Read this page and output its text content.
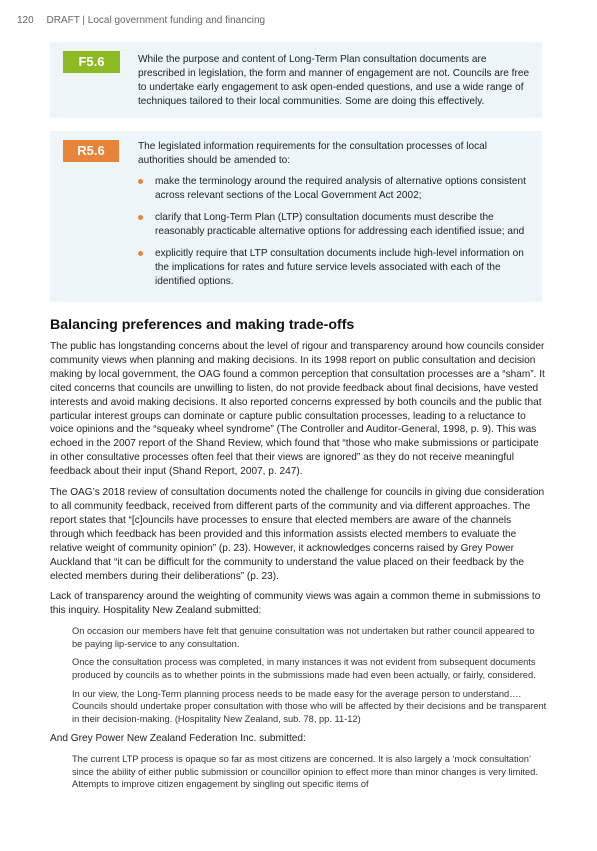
120 DRAFT | Local government funding and financing
F5.6	While the purpose and content of Long-Term Plan consultation documents are prescribed in legislation, the form and manner of engagement are not. Councils are free to undertake early engagement to ask open-ended questions, and use a wide range of techniques tailored to their local communities. Some are doing this effectively.
R5.6	The legislated information requirements for the consultation processes of local authorities should be amended to:
make the terminology around the required analysis of alternative options consistent across relevant sections of the Local Government Act 2002;
clarify that Long-Term Plan (LTP) consultation documents must describe the reasonably practicable alternative options for addressing each identified issue; and
explicitly require that LTP consultation documents include high-level information on the implications for rates and future service levels associated with each of the identified options.
Balancing preferences and making trade-offs

The public has longstanding concerns about the level of rigour and transparency around how councils consider community views when planning and making decisions. In its 1998 report on public consultation and decision making by local government, the OAG found a common perception that consultation processes are a “sham”. It cited concerns that councils are unwilling to listen, do not provide feedback about final decisions, have vested interests and avoid making decisions. It also reported concerns expressed by both councils and the public that particular interest groups can dominate or capture public consultation processes, leading to a reluctance to voice opinions and the “squeaky wheel syndrome” (The Controller and Auditor-General, 1998, p. 9). This was echoed in the 2007 report of the Shand Review, which found that “those who make submissions or participate in other consultative processes often feel that their views are ignored” as they do not receive meaningful feedback about their input (Shand Report, 2007, p. 247).

The OAG’s 2018 review of consultation documents noted the challenge for councils in giving due consideration to all community feedback, received from different parts of the community and via different approaches. The report states that “[c]ouncils have processes to ensure that elected members are aware of the channels through which feedback has been provided and this information assists elected members to evaluate the relative weight of community opinion” (p. 23). However, it acknowledges concerns raised by Grey Power Auckland that “it can be difficult for the community to understand the value placed on their feedback by the elected members during their deliberations” (p. 23).

Lack of transparency around the weighting of community views was again a common theme in submissions to this inquiry. Hospitality New Zealand submitted:

On occasion our members have felt that genuine consultation was not undertaken but rather council appeared to be paying lip-service to any consultation.

Once the consultation process was completed, in many instances it was not evident from subsequent documents produced by councils as to whether points in the submissions made had even been actually, or fairly, considered.

In our view, the Long-Term planning process needs to be made easy for the average person to understand…. Councils should undertake proper consultation with those who will be affected by their decisions and be transparent in their decision-making. (Hospitality New Zealand, sub. 78, pp. 11-12)

And Grey Power New Zealand Federation Inc. submitted:

The current LTP process is opaque so far as most citizens are concerned. It is also largely a ‘mock consultation’ since the ability of either public submission or councillor opinion to effect more than minor changes is very limited. Attempts to improve citizen engagement by singling out specific items of
